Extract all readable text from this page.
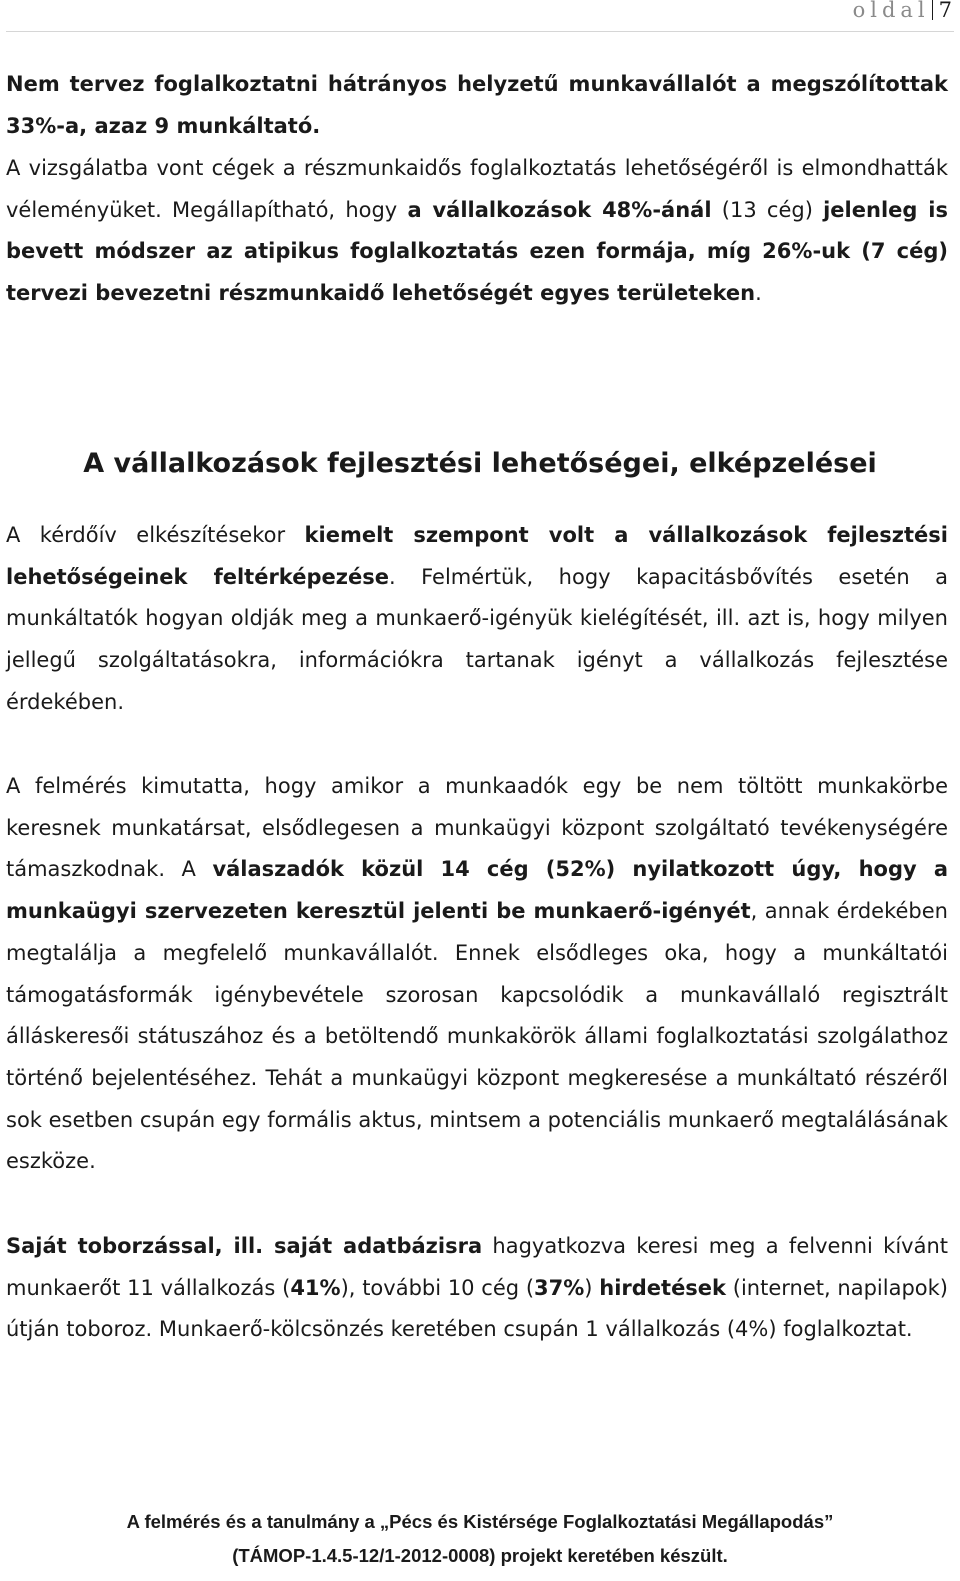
oldal 7

Nem tervez foglalkoztatni hátrányos helyzetű munkavállalót a megszólítottak 33%-a, azaz 9 munkáltató.

A vizsgálatba vont cégek a részmunkaidős foglalkoztatás lehetőségéről is elmondhatták véleményüket. Megállapítható, hogy a vállalkozások 48%-ánál (13 cég) jelenleg is bevett módszer az atipikus foglalkoztatás ezen formája, míg 26%-uk (7 cég) tervezi bevezetni részmunkaidő lehetőségét egyes területeken.

A vállalkozások fejlesztési lehetőségei, elképzelései

A kérdőív elkészítésekor kiemelt szempont volt a vállalkozások fejlesztési lehetőségeinek feltérképezése. Felmértük, hogy kapacitásbővítés esetén a munkáltatók hogyan oldják meg a munkaerő-igényük kielégítését, ill. azt is, hogy milyen jellegű szolgáltatásokra, információkra tartanak igényt a vállalkozás fejlesztése érdekében.

A felmérés kimutatta, hogy amikor a munkaadók egy be nem töltött munkakörbe keresnek munkatársat, elsődlegesen a munkaügyi központ szolgáltató tevékenységére támaszkodnak. A válaszadók közül 14 cég (52%) nyilatkozott úgy, hogy a munkaügyi szervezeten keresztül jelenti be munkaerő-igényét, annak érdekében megtalálja a megfelelő munkavállalót. Ennek elsődleges oka, hogy a munkáltatói támogatásformák igénybevétele szorosan kapcsolódik a munkavállaló regisztrált álláskeresői státuszához és a betöltendő munkakörök állami foglalkoztatási szolgálathoz történő bejelentéséhez. Tehát a munkaügyi központ megkeresése a munkáltató részéről sok esetben csupán egy formális aktus, mintsem a potenciális munkaerő megtalálásának eszköze.

Saját toborzással, ill. saját adatbázisra hagyatkozva keresi meg a felvenni kívánt munkaerőt 11 vállalkozás (41%), további 10 cég (37%) hirdetések (internet, napilapok) útján toboroz. Munkaerő-kölcsönzés keretében csupán 1 vállalkozás (4%) foglalkoztat.

A felmérés és a tanulmány a „Pécs és Kistérsége Foglalkoztatási Megállapodás”
(TÁMOP-1.4.5-12/1-2012-0008) projekt keretében készült.
